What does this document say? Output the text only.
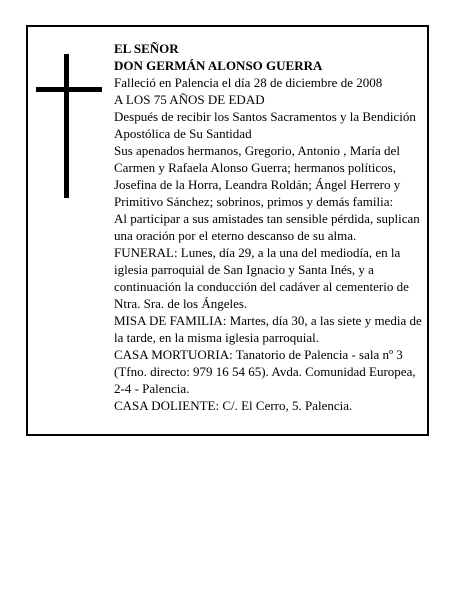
EL SEÑOR

DON GERMÁN ALONSO GUERRA

Falleció en Palencia el día 28 de diciembre de 2008

A LOS 75 AÑOS DE EDAD

Después de recibir los Santos Sacramentos y la Bendición Apostólica de Su Santidad

Sus apenados hermanos, Gregorio, Antonio , María del Carmen y Rafaela Alonso Guerra; hermanos políticos, Josefina de la Horra, Leandra Roldán; Ángel Herrero y Primitivo Sánchez; sobrinos, primos y demás familia:

Al participar a sus amistades tan sensible pérdida, suplican una oración por el eterno descanso de su alma.

FUNERAL: Lunes, día 29, a la una del mediodía, en la iglesia parroquial de San Ignacio y Santa Inés, y a continuación la conducción del cadáver al cementerio de Ntra. Sra. de los Ángeles.

MISA DE FAMILIA: Martes, día 30, a las siete y media de la tarde, en la misma iglesia parroquial.

CASA MORTUORIA: Tanatorio de Palencia - sala nº 3 (Tfno. directo: 979 16 54 65). Avda. Comunidad Europea, 2-4 - Palencia.

CASA DOLIENTE: C/. El Cerro, 5. Palencia.
